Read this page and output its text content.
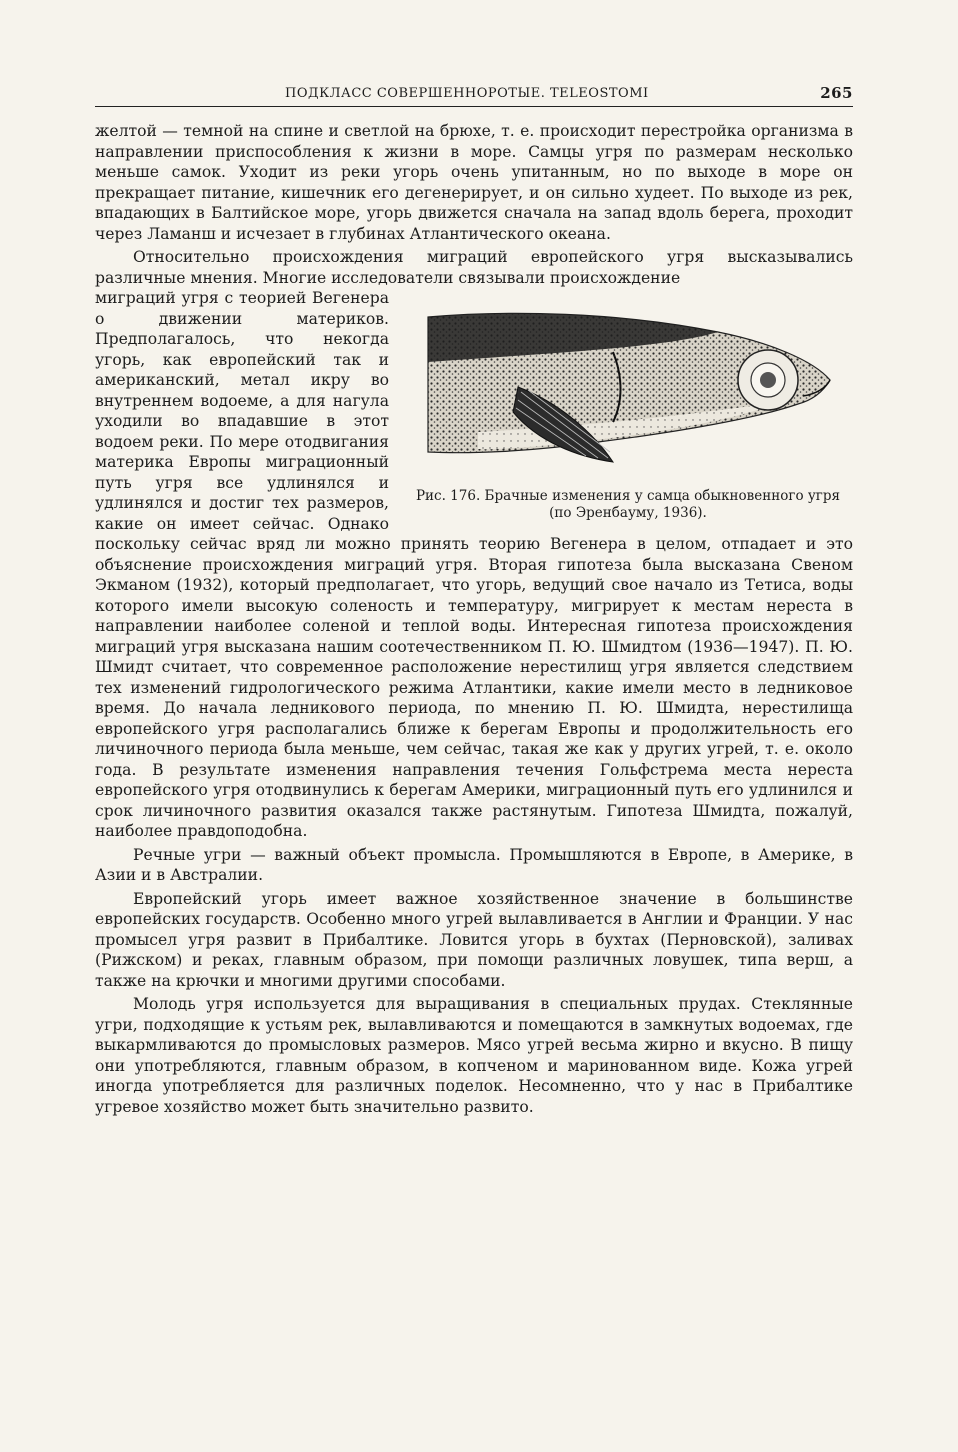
ПОДКЛАСС СОВЕРШЕННОРОТЫЕ. TELEOSTOMI	265

желтой — темной на спине и светлой на брюхе, т. е. происходит перестройка организма в направлении приспособления к жизни в море. Самцы угря по размерам несколько меньше самок. Уходит из реки угорь очень упитанным, но по выходе в море он прекращает питание, кишечник его дегенерирует, и он сильно худеет. По выходе из рек, впадающих в Балтийское море, угорь движется сначала на запад вдоль берега, проходит через Ламанш и исчезает в глубинах Атлантического океана.

Относительно происхождения миграций европейского угря высказывались различные мнения. Многие исследователи связывали происхождение

Рис. 176. Брачные изменения у самца обыкновенного угря (по Эренбауму, 1936).

миграций угря с теорией Вегенера о движении материков. Предполагалось, что некогда угорь, как европейский так и американский, метал икру во внутреннем водоеме, а для нагула уходили во впадавшие в этот водоем реки. По мере отодвигания материка Европы миграционный путь угря все удлинялся и удлинялся и достиг тех размеров, какие он имеет сейчас. Однако поскольку сейчас вряд ли можно принять теорию Вегенера в целом, отпадает и это объяснение происхождения миграций угря. Вторая гипотеза была высказана Свеном Экманом (1932), который предполагает, что угорь, ведущий свое начало из Тетиса, воды которого имели высокую соленость и температуру, мигрирует к местам нереста в направлении наиболее соленой и теплой воды. Интересная гипотеза происхождения миграций угря высказана нашим соотечественником П. Ю. Шмидтом (1936—1947). П. Ю. Шмидт считает, что современное расположение нерестилищ угря является следствием тех изменений гидрологического режима Атлантики, какие имели место в ледниковое время. До начала ледникового периода, по мнению П. Ю. Шмидта, нерестилища европейского угря располагались ближе к берегам Европы и продолжительность его личиночного периода была меньше, чем сейчас, такая же как у других угрей, т. е. около года. В результате изменения направления течения Гольфстрема места нереста европейского угря отодвинулись к берегам Америки, миграционный путь его удлинился и срок личиночного развития оказался также растянутым. Гипотеза Шмидта, пожалуй, наиболее правдоподобна.

Речные угри — важный объект промысла. Промышляются в Европе, в Америке, в Азии и в Австралии.

Европейский угорь имеет важное хозяйственное значение в большинстве европейских государств. Особенно много угрей вылавливается в Англии и Франции. У нас промысел угря развит в Прибалтике. Ловится угорь в бухтах (Перновской), заливах (Рижском) и реках, главным образом, при помощи различных ловушек, типа верш, а также на крючки и многими другими способами.

Молодь угря используется для выращивания в специальных прудах. Стеклянные угри, подходящие к устьям рек, вылавливаются и помещаются в замкнутых водоемах, где выкармливаются до промысловых размеров. Мясо угрей весьма жирно и вкусно. В пищу они употребляются, главным образом, в копченом и маринованном виде. Кожа угрей иногда употребляется для различных поделок. Несомненно, что у нас в Прибалтике угревое хозяйство может быть значительно развито.
